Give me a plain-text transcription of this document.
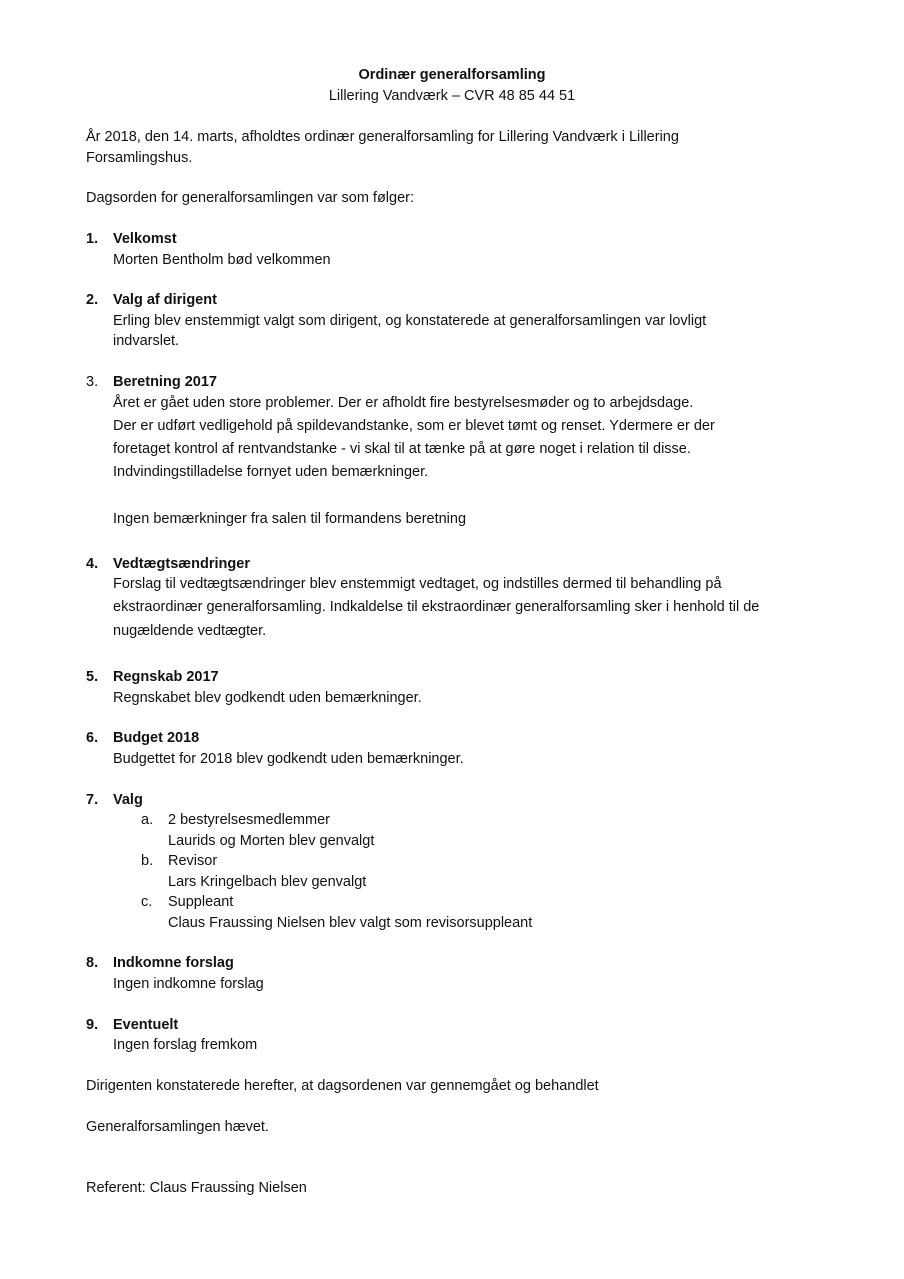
Ordinær generalforsamling
Lillering Vandværk – CVR 48 85 44 51
År 2018, den 14. marts, afholdtes ordinær generalforsamling for Lillering Vandværk i Lillering
Forsamlingshus.
Dagsorden for generalforsamlingen var som følger:
1. Velkomst
Morten Bentholm bød velkommen
2. Valg af dirigent
Erling blev enstemmigt valgt som dirigent, og konstaterede at generalforsamlingen var lovligt
indvarslet.
3. Beretning 2017
Året er gået uden store problemer. Der er afholdt fire bestyrelsesmøder og to arbejdsdage.
Der er udført vedligehold på spildevandstanke, som er blevet tømt og renset. Ydermere er der
foretaget kontrol af rentvandstanke - vi skal til at tænke på at gøre noget i relation til disse.
Indvindingstilladelse fornyet uden bemærkninger.
Ingen bemærkninger fra salen til formandens beretning
4. Vedtægtsændringer
Forslag til vedtægtsændringer blev enstemmigt vedtaget, og indstilles dermed til behandling på
ekstraordinær generalforsamling. Indkaldelse til ekstraordinær generalforsamling sker i henhold til de
nugældende vedtægter.
5. Regnskab 2017
Regnskabet blev godkendt uden bemærkninger.
6. Budget 2018
Budgettet for 2018 blev godkendt uden bemærkninger.
7. Valg
a. 2 bestyrelsesmedlemmer
Laurids og Morten blev genvalgt
b. Revisor
Lars Kringelbach blev genvalgt
c. Suppleant
Claus Fraussing Nielsen blev valgt som revisorsuppleant
8. Indkomne forslag
Ingen indkomne forslag
9. Eventuelt
Ingen forslag fremkom
Dirigenten konstaterede herefter, at dagsordenen var gennemgået og behandlet
Generalforsamlingen hævet.
Referent: Claus Fraussing Nielsen
